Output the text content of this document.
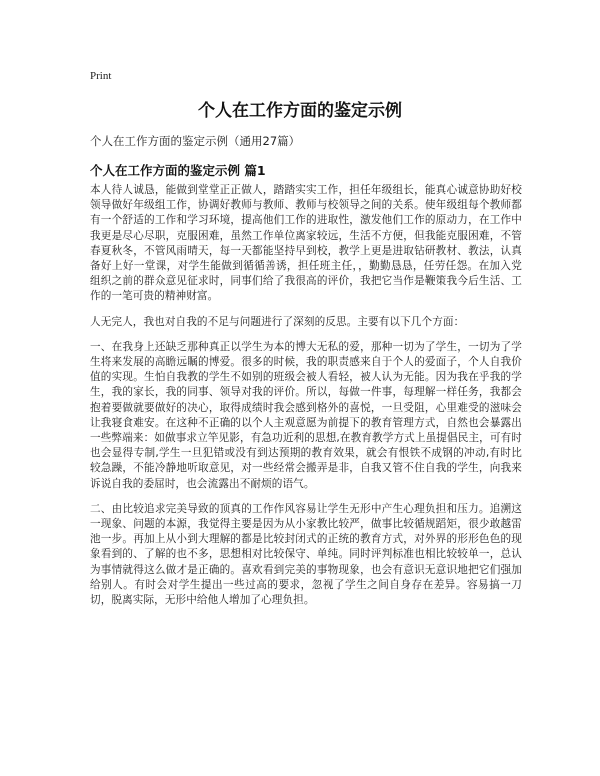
Print
个人在工作方面的鉴定示例
个人在工作方面的鉴定示例（通用27篇）
个人在工作方面的鉴定示例 篇1

本人待人诚恳，能做到堂堂正正做人，踏踏实实工作，担任年级组长，能真心诚意协助好校领导做好年级组工作，协调好教师与教师、教师与校领导之间的关系。使年级组每个教师都有一个舒适的工作和学习环境，提高他们工作的进取性，激发他们工作的原动力，在工作中我更是尽心尽职，克服困难，虽然工作单位离家较远，生活不方便，但我能克服困难，不管春夏秋冬，不管风雨晴天，每一天都能坚持早到校，教学上更是进取钻研教材、教法，认真备好上好一堂课，对学生能做到循循善诱，担任班主任，，勤勤恳恳，任劳任怨。在加入党组织之前的群众意见征求时，同事们给了我很高的评价，我把它当作是鞭策我今后生活、工作的一笔可贵的精神财富。

人无完人，我也对自我的不足与问题进行了深刻的反思。主要有以下几个方面：

一、在我身上还缺乏那种真正以学生为本的博大无私的爱，那种一切为了学生，一切为了学生将来发展的高瞻远瞩的博爱。很多的时候，我的职责感来自于个人的爱面子，个人自我价值的实现。生怕自我教的学生不如别的班级会被人看轻，被人认为无能。因为我在乎我的学生，我的家长，我的同事、领导对我的评价。所以，每做一件事，每理解一样任务，我都会抱着要做就要做好的决心，取得成绩时我会感到格外的喜悦，一旦受阻，心里难受的滋味会让我寝食难安。在这种不正确的以个人主观意愿为前提下的教育管理方式，自然也会暴露出一些弊端来：如做事求立竿见影，有急功近利的思想,在教育教学方式上虽提倡民主，可有时也会显得专制,学生一旦犯错或没有到达预期的教育效果，就会有恨铁不成钢的冲动,有时比较急躁，不能冷静地听取意见，对一些经常会搬弄是非，自我又管不住自我的学生，向我来诉说自我的委屈时，也会流露出不耐烦的语气。

二、由比较追求完美导致的顶真的工作作风容易让学生无形中产生心理负担和压力。追溯这一现象、问题的本源，我觉得主要是因为从小家教比较严，做事比较循规蹈矩，很少敢越雷池一步。再加上从小到大理解的都是比较封闭式的正统的教育方式，对外界的形形色色的现象看到的、了解的也不多，思想相对比较保守、单纯。同时评判标准也相比较较单一，总认为事情就得这么做才是正确的。喜欢看到完美的事物现象，也会有意识无意识地把它们强加给别人。有时会对学生提出一些过高的要求，忽视了学生之间自身存在差异。容易搞一刀切，脱离实际，无形中给他人增加了心理负担。
